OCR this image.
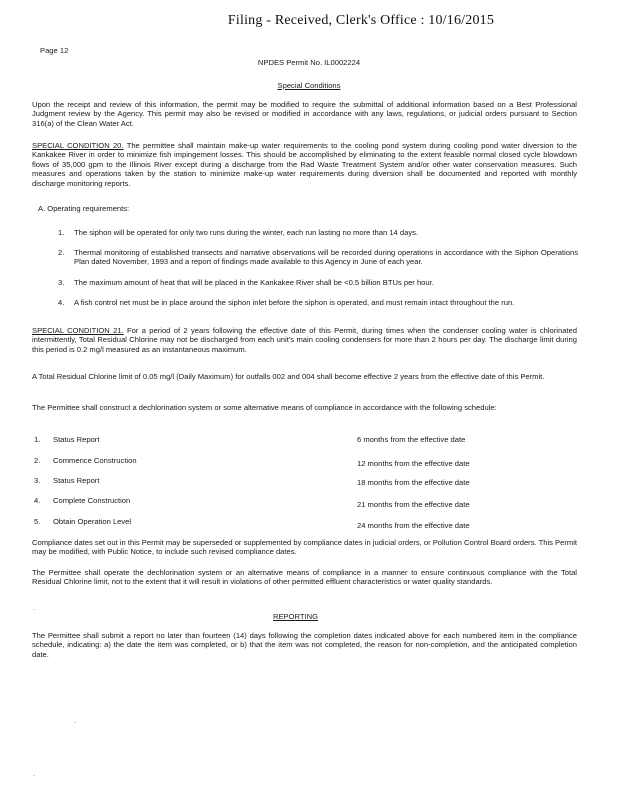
Filing - Received, Clerk's Office : 10/16/2015
Page 12
NPDES Permit No. IL0002224
Special Conditions
Upon the receipt and review of this information, the permit may be modified to require the submittal of additional information based on a Best Professional Judgment review by the Agency. This permit may also be revised or modified in accordance with any laws, regulations, or judicial orders pursuant to Section 316(a) of the Clean Water Act.
SPECIAL CONDITION 20. The permittee shall maintain make-up water requirements to the cooling pond system during cooling pond water diversion to the Kankakee River in order to minimize fish impingement losses. This should be accomplished by eliminating to the extent feasible normal closed cycle blowdown flows of 35,000 gpm to the Illinois River except during a discharge from the Rad Waste Treatment System and/or other water conservation measures. Such measures and operations taken by the station to minimize make-up water requirements during diversion shall be documented and reported with monthly discharge monitoring reports.
A. Operating requirements:
1.	The siphon will be operated for only two runs during the winter, each run lasting no more than 14 days.
2.	Thermal monitoring of established transects and narrative observations will be recorded during operations in accordance with the Siphon Operations Plan dated November, 1993 and a report of findings made available to this Agency in June of each year.
3.	The maximum amount of heat that will be placed in the Kankakee River shall be <0.5 billion BTUs per hour.
4.	A fish control net must be in place around the siphon inlet before the siphon is operated, and must remain intact throughout the run.
SPECIAL CONDITION 21. For a period of 2 years following the effective date of this Permit, during times when the condenser cooling water is chlorinated intermittently, Total Residual Chlorine may not be discharged from each unit's main cooling condensers for more than 2 hours per day. The discharge limit during this period is 0.2 mg/l measured as an instantaneous maximum.
A Total Residual Chlorine limit of 0.05 mg/l (Daily Maximum) for outfalls 002 and 004 shall become effective 2 years from the effective date of this Permit.
The Permittee shall construct a dechlorination system or some alternative means of compliance in accordance with the following schedule:
1. Status Report	6 months from the effective date
2. Commence Construction	12 months from the effective date
3. Status Report	18 months from the effective date
4. Complete Construction	21 months from the effective date
5. Obtain Operation Level	24 months from the effective date
Compliance dates set out in this Permit may be superseded or supplemented by compliance dates in judicial orders, or Pollution Control Board orders. This Permit may be modified, with Public Notice, to include such revised compliance dates.
The Permittee shall operate the dechlorination system or an alternative means of compliance in a manner to ensure continuous compliance with the Total Residual Chlorine limit, not to the extent that it will result in violations of other permitted effluent characteristics or water quality standards.
REPORTING
The Permittee shall submit a report no later than fourteen (14) days following the completion dates indicated above for each numbered item in the compliance schedule, indicating: a) the date the item was completed, or b) that the item was not completed, the reason for non-completion, and the anticipated completion date.
.
.
.
